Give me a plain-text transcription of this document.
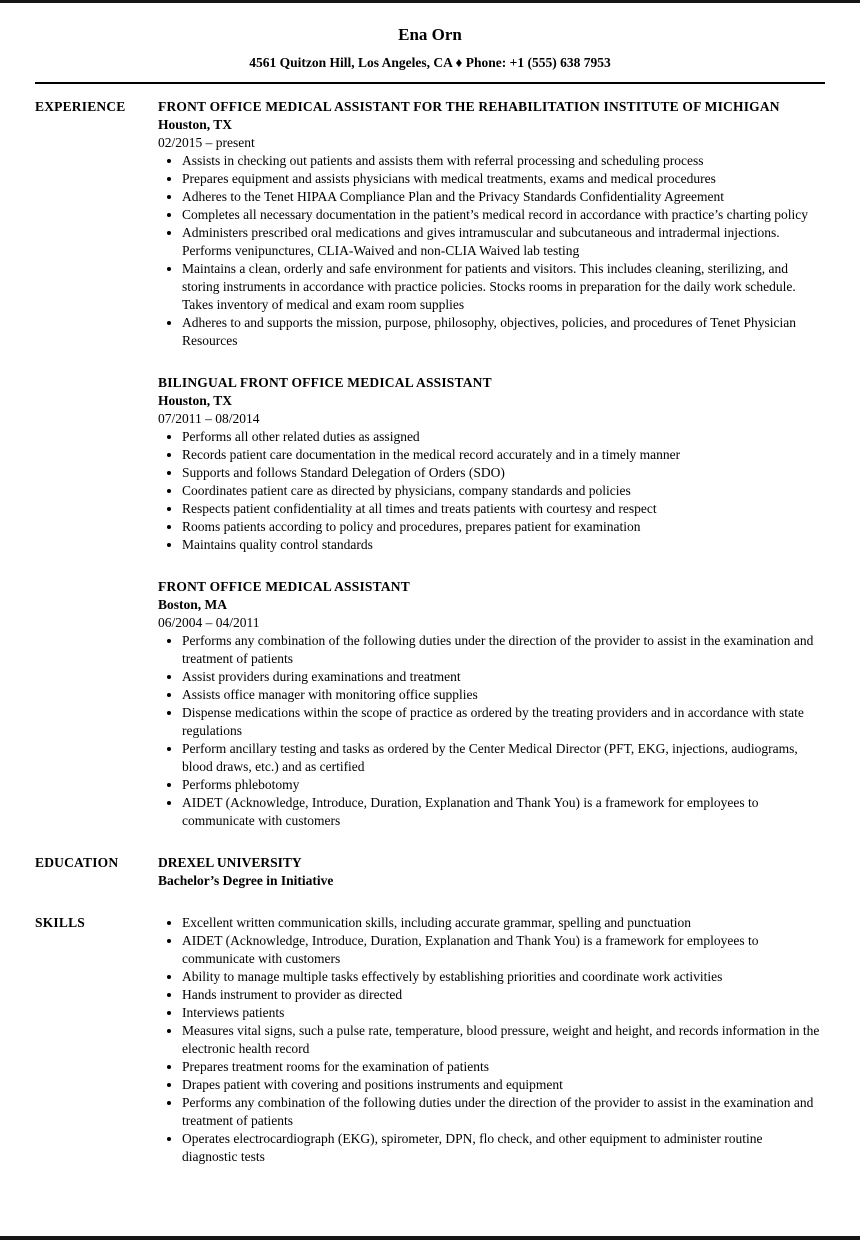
Ena Orn
4561 Quitzon Hill, Los Angeles, CA ♦ Phone: +1 (555) 638 7953
EXPERIENCE	FRONT OFFICE MEDICAL ASSISTANT FOR THE REHABILITATION INSTITUTE OF MICHIGAN
Houston, TX
02/2015 – present
• Assists in checking out patients and assists them with referral processing and scheduling process
• Prepares equipment and assists physicians with medical treatments, exams and medical procedures
• Adheres to the Tenet HIPAA Compliance Plan and the Privacy Standards Confidentiality Agreement
• Completes all necessary documentation in the patient’s medical record in accordance with practice’s charting policy
• Administers prescribed oral medications and gives intramuscular and subcutaneous and intradermal injections. Performs venipunctures, CLIA-Waived and non-CLIA Waived lab testing
• Maintains a clean, orderly and safe environment for patients and visitors. This includes cleaning, sterilizing, and storing instruments in accordance with practice policies. Stocks rooms in preparation for the daily work schedule. Takes inventory of medical and exam room supplies
• Adheres to and supports the mission, purpose, philosophy, objectives, policies, and procedures of Tenet Physician Resources
BILINGUAL FRONT OFFICE MEDICAL ASSISTANT
Houston, TX
07/2011 – 08/2014
• Performs all other related duties as assigned
• Records patient care documentation in the medical record accurately and in a timely manner
• Supports and follows Standard Delegation of Orders (SDO)
• Coordinates patient care as directed by physicians, company standards and policies
• Respects patient confidentiality at all times and treats patients with courtesy and respect
• Rooms patients according to policy and procedures, prepares patient for examination
• Maintains quality control standards
FRONT OFFICE MEDICAL ASSISTANT
Boston, MA
06/2004 – 04/2011
• Performs any combination of the following duties under the direction of the provider to assist in the examination and treatment of patients
• Assist providers during examinations and treatment
• Assists office manager with monitoring office supplies
• Dispense medications within the scope of practice as ordered by the treating providers and in accordance with state regulations
• Perform ancillary testing and tasks as ordered by the Center Medical Director (PFT, EKG, injections, audiograms, blood draws, etc.) and as certified
• Performs phlebotomy
• AIDET (Acknowledge, Introduce, Duration, Explanation and Thank You) is a framework for employees to communicate with customers
EDUCATION	DREXEL UNIVERSITY
Bachelor’s Degree in Initiative
SKILLS	• Excellent written communication skills, including accurate grammar, spelling and punctuation
• AIDET (Acknowledge, Introduce, Duration, Explanation and Thank You) is a framework for employees to communicate with customers
• Ability to manage multiple tasks effectively by establishing priorities and coordinate work activities
• Hands instrument to provider as directed
• Interviews patients
• Measures vital signs, such a pulse rate, temperature, blood pressure, weight and height, and records information in the electronic health record
• Prepares treatment rooms for the examination of patients
• Drapes patient with covering and positions instruments and equipment
• Performs any combination of the following duties under the direction of the provider to assist in the examination and treatment of patients
• Operates electrocardiograph (EKG), spirometer, DPN, flo check, and other equipment to administer routine diagnostic tests
